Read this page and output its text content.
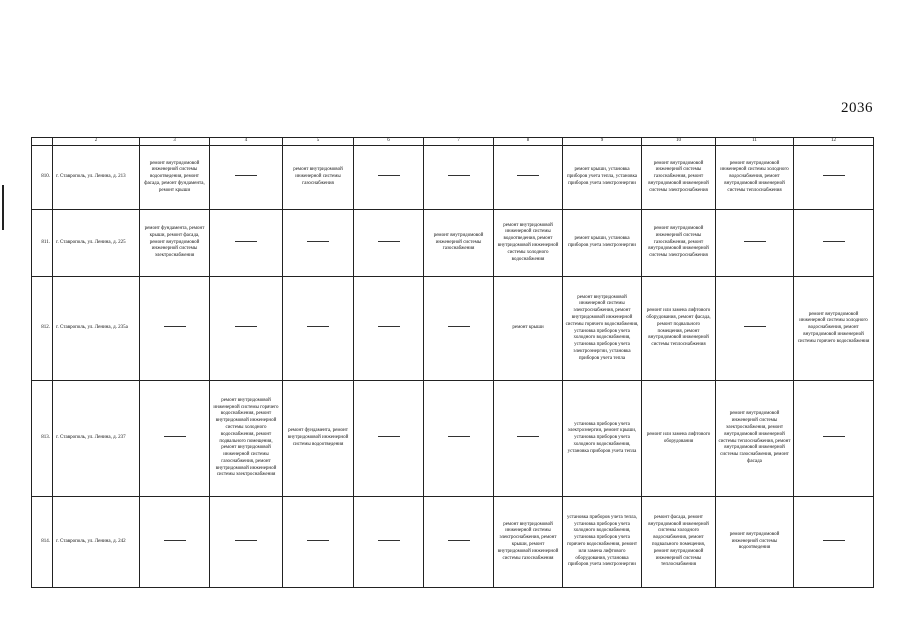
2036
	2	3	4	5	6	7	8	9	10	11	12
810.	г. Ставрополь, ул. Ленина, д. 213	ремонт внутридомовой инженерной системы водоотведения, ремонт фасада, ремонт фундамента, ремонт крыши		ремонт внутридомовой инженерной системы газоснабжения				ремонт крыши, установка приборов учета тепла, установка приборов учета электроэнергии	ремонт внутридомовой инженерной системы газоснабжения, ремонт внутридомовой инженерной системы электроснабжения	ремонт внутридомовой инженерной системы холодного водоснабжения, ремонт внутридомовой инженерной системы теплоснабжения	
811.	г. Ставрополь, ул. Ленина, д. 225	ремонт фундамента, ремонт крыши, ремонт фасада, ремонт внутридомовой инженерной системы электроснабжения				ремонт внутридомовой инженерной системы газоснабжения	ремонт внутридомовой инженерной системы водоотведения, ремонт внутридомовой инженерной системы холодного водоснабжения	ремонт крыши, установка приборов учета электроэнергии	ремонт внутридомовой инженерной системы газоснабжения, ремонт внутридомовой инженерной системы электроснабжения		
812.	г. Ставрополь, ул. Ленина, д. 235а						ремонт крыши	ремонт внутридомовой инженерной системы электроснабжения, ремонт внутридомовой инженерной системы горячего водоснабжения, установка приборов учета холодного водоснабжения, установка приборов учета электроэнергии, установка приборов учета тепла	ремонт или замена лифтового оборудования, ремонт фасада, ремонт подвального помещения, ремонт внутридомовой инженерной системы теплоснабжения		ремонт внутридомовой инженерной системы холодного водоснабжения, ремонт внутридомовой инженерной системы горячего водоснабжения
813.	г. Ставрополь, ул. Ленина, д. 237		ремонт внутридомовой инженерной системы горячего водоснабжения, ремонт внутридомовой инженерной системы холодного водоснабжения, ремонт подвального помещения, ремонт внутридомовой инженерной системы газоснабжения, ремонт внутридомовой инженерной системы электроснабжения	ремонт фундамента, ремонт внутридомовой инженерной системы водоотведения				установка приборов учета электроэнергии, ремонт крыши, установка приборов учета холодного водоснабжения, установка приборов учета тепла	ремонт или замена лифтового оборудования	ремонт внутридомовой инженерной системы электроснабжения, ремонт внутридомовой инженерной системы теплоснабжения, ремонт внутридомовой инженерной системы газоснабжения, ремонт фасада	
814.	г. Ставрополь, ул. Ленина, д. 242						ремонт внутридомовой инженерной системы электроснабжения, ремонт крыши, ремонт внутридомовой инженерной системы газоснабжения	установка приборов учета тепла, установка приборов учета холодного водоснабжения, установка приборов учета горячего водоснабжения, ремонт или замена лифтового оборудования, установка приборов учета электроэнергии	ремонт фасада, ремонт внутридомовой инженерной системы холодного водоснабжения, ремонт подвального помещения, ремонт внутридомовой инженерной системы теплоснабжения	ремонт внутридомовой инженерной системы водоотведения	
